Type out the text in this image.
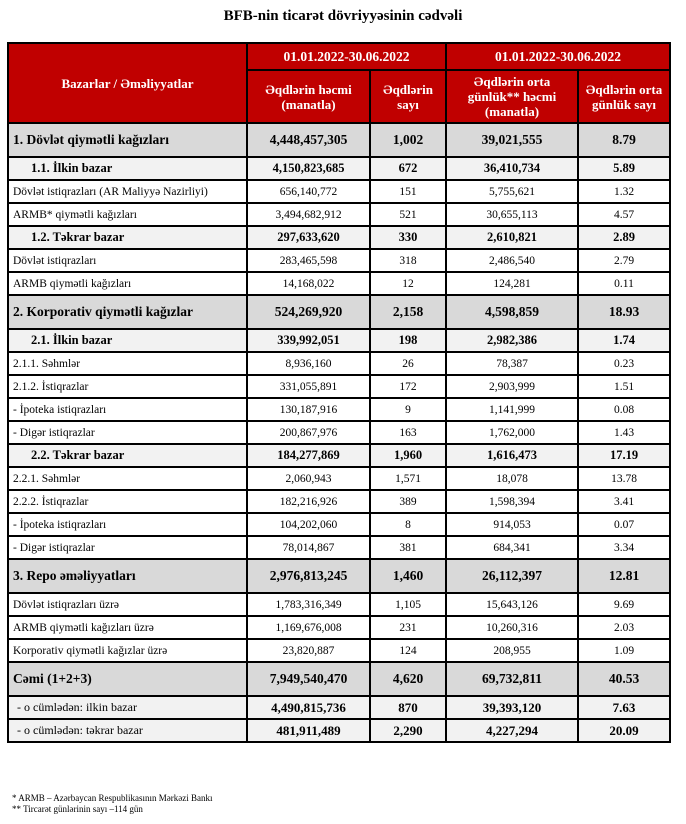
BFB-nin ticarət dövriyyəsinin cədvəli
Bazarlar / Əməliyyatlar	01.01.2022-30.06.2022		01.01.2022-30.06.2022	
	Əqdlərin həcmi (manatla)	Əqdlərin sayı	Əqdlərin orta günlük** həcmi (manatla)	Əqdlərin orta günlük sayı
1. Dövlət qiymətli kağızları	4,448,457,305	1,002	39,021,555	8.79
1.1. İlkin bazar	4,150,823,685	672	36,410,734	5.89
Dövlət istiqrazları (AR Maliyyə Nazirliyi)	656,140,772	151	5,755,621	1.32
ARMB* qiymətli kağızları	3,494,682,912	521	30,655,113	4.57
1.2. Təkrar bazar	297,633,620	330	2,610,821	2.89
Dövlət istiqrazları	283,465,598	318	2,486,540	2.79
ARMB qiymətli kağızları	14,168,022	12	124,281	0.11
2. Korporativ qiymətli kağızlar	524,269,920	2,158	4,598,859	18.93
2.1. İlkin bazar	339,992,051	198	2,982,386	1.74
2.1.1. Səhmlər	8,936,160	26	78,387	0.23
2.1.2. İstiqrazlar	331,055,891	172	2,903,999	1.51
- İpoteka istiqrazları	130,187,916	9	1,141,999	0.08
- Digər istiqrazlar	200,867,976	163	1,762,000	1.43
2.2. Təkrar bazar	184,277,869	1,960	1,616,473	17.19
2.2.1. Səhmlər	2,060,943	1,571	18,078	13.78
2.2.2. İstiqrazlar	182,216,926	389	1,598,394	3.41
- İpoteka istiqrazları	104,202,060	8	914,053	0.07
- Digər istiqrazlar	78,014,867	381	684,341	3.34
3. Repo əməliyyatları	2,976,813,245	1,460	26,112,397	12.81
Dövlət istiqrazları üzrə	1,783,316,349	1,105	15,643,126	9.69
ARMB qiymətli kağızları üzrə	1,169,676,008	231	10,260,316	2.03
Korporativ qiymətli kağızlar üzrə	23,820,887	124	208,955	1.09
Cəmi (1+2+3)	7,949,540,470	4,620	69,732,811	40.53
- o cümlədən: ilkin bazar	4,490,815,736	870	39,393,120	7.63
- o cümlədən: təkrar bazar	481,911,489	2,290	4,227,294	20.09
* ARMB – Azərbaycan Respublikasının Mərkəzi Bankı
** Tircarət günlərinin sayı –114 gün
